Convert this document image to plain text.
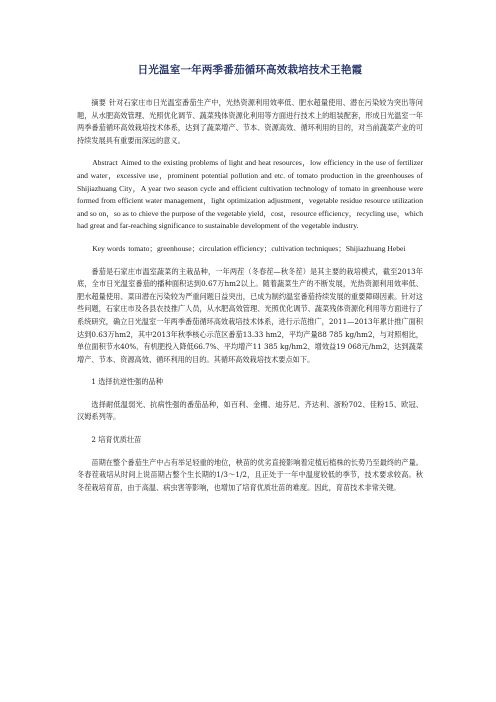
日光温室一年两季番茄循环高效栽培技术王艳霞

摘要 针对石家庄市日光温室番茄生产中，光热资源利用效率低、肥水超量使用、潜在污染较为突出等问题，从水肥高效管理、光照优化调节、蔬菜残体资源化利用等方面进行技术上的组装配套，形成日光温室一年两季番茄循环高效栽培技术体系，达到了蔬菜增产、节本、资源高效、循环利用的目的，对当前蔬菜产业的可持续发展具有重要而深远的意义。

Abstract Aimed to the existing problems of light and heat resources，low efficiency in the use of fertilizer and water，excessive use，prominent potential pollution and etc. of tomato production in the greenhouses of Shijiazhuang City，A year two season cycle and efficient cultivation technology of tomato in greenhouse were formed from efficient water management，light optimization adjustment，vegetable residue resource utilization and so on，so as to chieve the purpose of the vegetable yield，cost，resource efficiency，recycling use，which had great and far-reaching significance to sustainable development of the vegetable industry.

Key words tomato；greenhouse；circulation efficiency；cultivation techniques；Shijiazhuang Hebei

番茄是石家庄市温室蔬菜的主栽品种，一年两茬（冬春茬—秋冬茬）是其主要的栽培模式，截至2013年底，全市日光温室番茄的播种面积达到0.67万hm2以上。随着蔬菜生产的不断发展，光热资源利用效率低、肥水超量使用、菜田潜在污染较为严重问题日益突出，已成为制约温室番茄持续发展的重要障碍因素。针对这些问题，石家庄市及各县农技推广人员，从水肥高效管理、光照优化调节、蔬菜残体资源化利用等方面进行了系统研究，确立日光温室一年两季番茄循环高效栽培技术体系，进行示范推广，2011—2013年累计推广面积达到0.63万hm2，其中2013年秋季核心示范区番茄13.33 hm2，平均产量88 785 kg/hm2，与对照相比，单位面积节水40%、有机肥投入降低66.7%、平均增产11 385 kg/hm2、增效益19 068元/hm2，达到蔬菜增产、节本、资源高效、循环利用的目的。其循环高效栽培技术要点如下。

1 选择抗逆性强的品种

选择耐低温弱光、抗病性强的番茄品种，如百利、金棚、迪芬尼、齐达利、浙粉702、佳粉15、欧冠、汉姆系列等。

2 培育优质壮苗

苗期在整个番茄生产中占有举足轻重的地位，秧苗的优劣直接影响着定植后植株的长势乃至最终的产量。冬春茬栽培从时间上说苗期占整个生长期的1/3～1/2，且正处于一年中温度较低的季节，技术要求较高。秋冬茬栽培育苗，由于高温、病虫害等影响，也增加了培育优质壮苗的难度。因此，育苗技术非常关键。
